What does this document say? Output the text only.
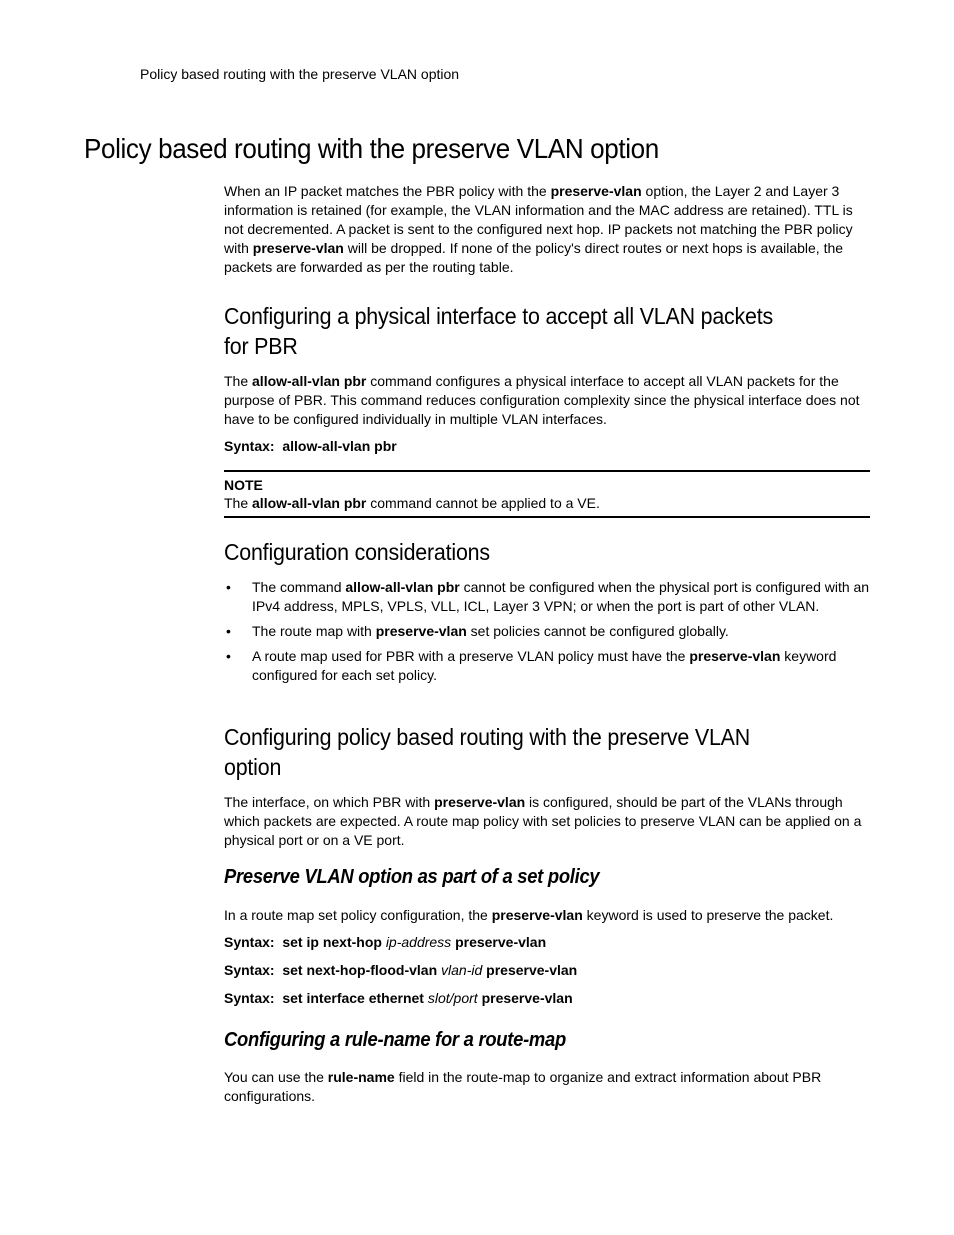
Policy based routing with the preserve VLAN option
Policy based routing with the preserve VLAN option

When an IP packet matches the PBR policy with the preserve-vlan option, the Layer 2 and Layer 3 information is retained (for example, the VLAN information and the MAC address are retained). TTL is not decremented. A packet is sent to the configured next hop. IP packets not matching the PBR policy with preserve-vlan will be dropped. If none of the policy's direct routes or next hops is available, the packets are forwarded as per the routing table.

Configuring a physical interface to accept all VLAN packets
for PBR

The allow-all-vlan pbr command configures a physical interface to accept all VLAN packets for the purpose of PBR. This command reduces configuration complexity since the physical interface does not have to be configured individually in multiple VLAN interfaces.

Syntax: allow-all-vlan pbr

NOTE

The allow-all-vlan pbr command cannot be applied to a VE.

Configuration considerations
• The command allow-all-vlan pbr cannot be configured when the physical port is configured with an IPv4 address, MPLS, VPLS, VLL, ICL, Layer 3 VPN; or when the port is part of other VLAN.
• The route map with preserve-vlan set policies cannot be configured globally.
• A route map used for PBR with a preserve VLAN policy must have the preserve-vlan keyword configured for each set policy.
Configuring policy based routing with the preserve VLAN
option

The interface, on which PBR with preserve-vlan is configured, should be part of the VLANs through which packets are expected. A route map policy with set policies to preserve VLAN can be applied on a physical port or on a VE port.

Preserve VLAN option as part of a set policy

In a route map set policy configuration, the preserve-vlan keyword is used to preserve the packet.

Syntax: set ip next-hop ip-address preserve-vlan

Syntax: set next-hop-flood-vlan vlan-id preserve-vlan

Syntax: set interface ethernet slot/port preserve-vlan

Configuring a rule-name for a route-map

You can use the rule-name field in the route-map to organize and extract information about PBR configurations.
